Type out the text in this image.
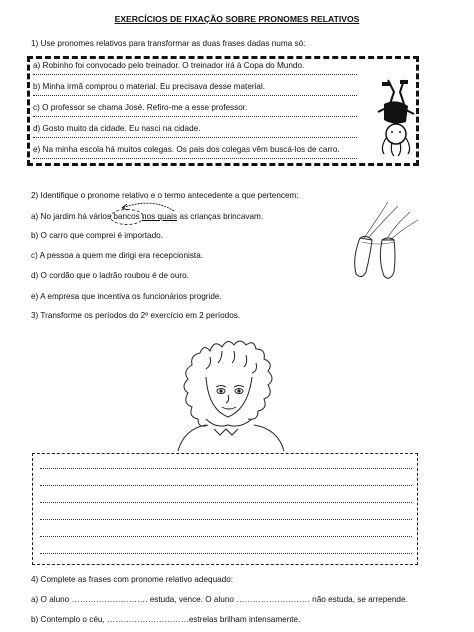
EXERCÍCIOS DE FIXAÇÃO SOBRE PRONOMES RELATIVOS
1) Use pronomes relativos para transformar as duas frases dadas numa só:
a) Robinho foi convocado pelo treinador. O treinador irá à Copa do Mundo.
b) Minha irmã comprou o material. Eu precisava desse material.
c) O professor se chama José. Refiro-me a esse professor.
d) Gosto muito da cidade. Eu nasci na cidade.
e) Na minha escola há muitos colegas. Os pais dos colegas vêm buscá-los de carro.
2) Identifique o pronome relativo e o termo antecedente a que pertencem:
a) No jardim há vários bancos nos quais as crianças brincavam.
b) O carro que comprei é importado.
c) A pessoa a quem me dirigi era recepcionista.
d) O cordão que o ladrão roubou é de ouro.
e) A empresa que incentiva os funcionários progride.
3) Transforme os períodos do 2º exercício em 2 períodos.
4) Complete as frases com pronome relativo adequado:
a) O aluno ………………………. estuda, vence. O aluno ……………………… não estuda, se arrepende.
b) Contemplo o céu, …………………………estrelas brilham intensamente.
